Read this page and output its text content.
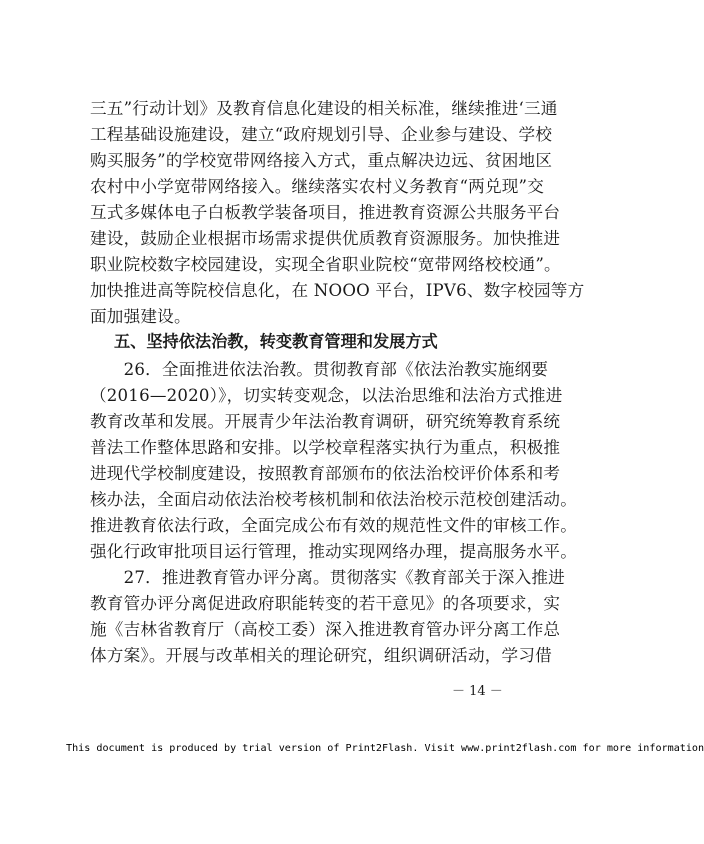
三五”行动计划》及教育信息化建设的相关标准，继续推进‘三通
工程基础设施建设，建立“政府规划引导、企业参与建设、学校
购买服务”的学校宽带网络接入方式，重点解决边远、贫困地区
农村中小学宽带网络接入。继续落实农村义务教育“两兑现”交
互式多媒体电子白板教学装备项目，推进教育资源公共服务平台
建设，鼓励企业根据市场需求提供优质教育资源服务。加快推进
职业院校数字校园建设，实现全省职业院校“宽带网络校校通”。
加快推进高等院校信息化，在 NOOO 平台，IPV6、数字校园等方
面加强建设。
五、坚持依法治教，转变教育管理和发展方式
　　26．全面推进依法治教。贯彻教育部《依法治教实施纲要
（2016—2020）》，切实转变观念，以法治思维和法治方式推进
教育改革和发展。开展青少年法治教育调研，研究统筹教育系统
普法工作整体思路和安排。以学校章程落实执行为重点，积极推
进现代学校制度建设，按照教育部颁布的依法治校评价体系和考
核办法，全面启动依法治校考核机制和依法治校示范校创建活动。
推进教育依法行政，全面完成公布有效的规范性文件的审核工作。
强化行政审批项目运行管理，推动实现网络办理，提高服务水平。
　　27．推进教育管办评分离。贯彻落实《教育部关于深入推进
教育管办评分离促进政府职能转变的若干意见》的各项要求，实
施《吉林省教育厅（高校工委）深入推进教育管办评分离工作总
体方案》。开展与改革相关的理论研究，组织调研活动，学习借
－ 14 －
This document is produced by trial version of Print2Flash. Visit www.print2flash.com for more information
